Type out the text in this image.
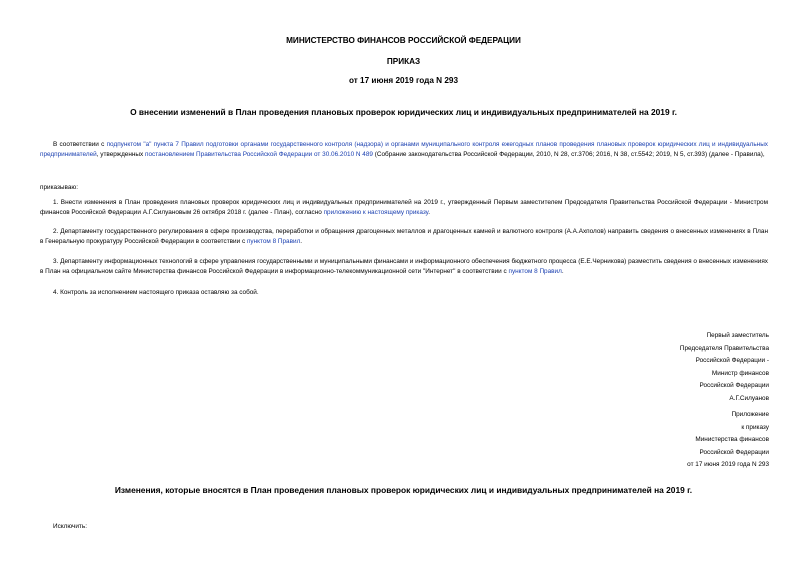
МИНИСТЕРСТВО ФИНАНСОВ РОССИЙСКОЙ ФЕДЕРАЦИИ
ПРИКАЗ
от 17 июня 2019 года N 293
О внесении изменений в План проведения плановых проверок юридических лиц и индивидуальных предпринимателей на 2019 г.
В соответствии с подпунктом "а" пункта 7 Правил подготовки органами государственного контроля (надзора) и органами муниципального контроля ежегодных планов проведения плановых проверок юридических лиц и индивидуальных предпринимателей, утвержденных постановлением Правительства Российской Федерации от 30.06.2010 N 489 (Собрание законодательства Российской Федерации, 2010, N 28, ст.3706; 2016, N 38, ст.5542; 2019, N 5, ст.393) (далее - Правила),
приказываю:
1. Внести изменения в План проведения плановых проверок юридических лиц и индивидуальных предпринимателей на 2019 г., утвержденный Первым заместителем Председателя Правительства Российской Федерации - Министром финансов Российской Федерации А.Г.Силуановым 26 октября 2018 г. (далее - План), согласно приложению к настоящему приказу.
2. Департаменту государственного регулирования в сфере производства, переработки и обращения драгоценных металлов и драгоценных камней и валютного контроля (А.А.Ахполов) направить сведения о внесенных изменениях в План в Генеральную прокуратуру Российской Федерации в соответствии с пунктом 8 Правил.
3. Департаменту информационных технологий в сфере управления государственными и муниципальными финансами и информационного обеспечения бюджетного процесса (Е.Е.Черникова) разместить сведения о внесенных изменениях в План на официальном сайте Министерства финансов Российской Федерации в информационно-телекоммуникационной сети "Интернет" в соответствии с пунктом 8 Правил.
4. Контроль за исполнением настоящего приказа оставляю за собой.
Первый заместитель
Председателя Правительства
Российской Федерации -
Министр финансов
Российской Федерации
А.Г.Силуанов
Приложение
к приказу
Министерства финансов
Российской Федерации
от 17 июня 2019 года N 293
Изменения, которые вносятся в План проведения плановых проверок юридических лиц и индивидуальных предпринимателей на 2019 г.
Исключить:
